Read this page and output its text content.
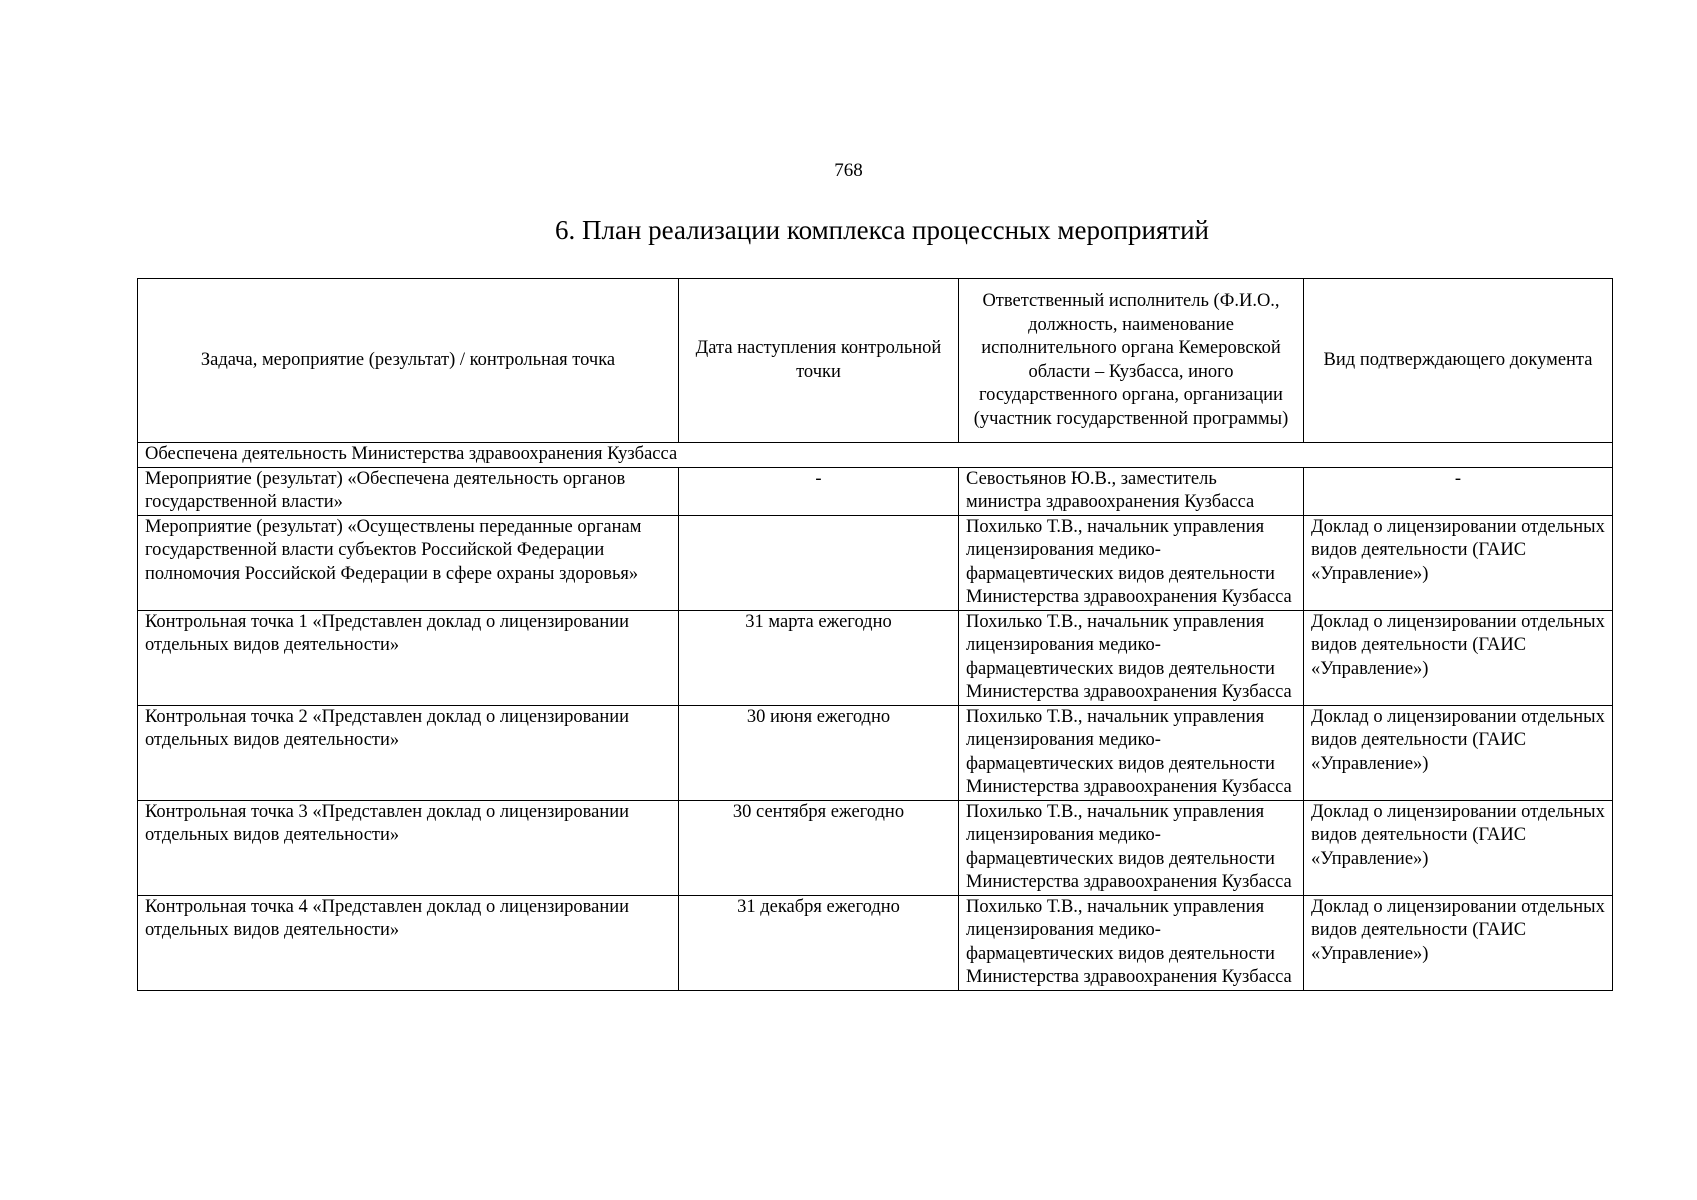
768
6. План реализации комплекса процессных мероприятий
Задача, мероприятие (результат) / контрольная точка	Дата наступления контрольной точки	Ответственный исполнитель (Ф.И.О., должность, наименование исполнительного органа Кемеровской области – Кузбасса, иного государственного органа, организации (участник государственной программы)	Вид подтверждающего документа
Обеспечена деятельность Министерства здравоохранения Кузбасса			
Мероприятие (результат) «Обеспечена деятельность органов государственной власти»	-	Севостьянов Ю.В., заместитель министра здравоохранения Кузбасса	-
Мероприятие (результат) «Осуществлены переданные органам государственной власти субъектов Российской Федерации полномочия Российской Федерации в сфере охраны здоровья»		Похилько Т.В., начальник управления лицензирования медико-фармацевтических видов деятельности Министерства здравоохранения Кузбасса	Доклад о лицензировании отдельных видов деятельности (ГАИС «Управление»)
Контрольная точка 1 «Представлен доклад о лицензировании отдельных видов деятельности»	31 марта ежегодно	Похилько Т.В., начальник управления лицензирования медико-фармацевтических видов деятельности Министерства здравоохранения Кузбасса	Доклад о лицензировании отдельных видов деятельности (ГАИС «Управление»)
Контрольная точка 2 «Представлен доклад о лицензировании отдельных видов деятельности»	30 июня ежегодно	Похилько Т.В., начальник управления лицензирования медико-фармацевтических видов деятельности Министерства здравоохранения Кузбасса	Доклад о лицензировании отдельных видов деятельности (ГАИС «Управление»)
Контрольная точка 3 «Представлен доклад о лицензировании отдельных видов деятельности»	30 сентября ежегодно	Похилько Т.В., начальник управления лицензирования медико-фармацевтических видов деятельности Министерства здравоохранения Кузбасса	Доклад о лицензировании отдельных видов деятельности (ГАИС «Управление»)
Контрольная точка 4 «Представлен доклад о лицензировании отдельных видов деятельности»	31 декабря ежегодно	Похилько Т.В., начальник управления лицензирования медико-фармацевтических видов деятельности Министерства здравоохранения Кузбасса	Доклад о лицензировании отдельных видов деятельности (ГАИС «Управление»)
